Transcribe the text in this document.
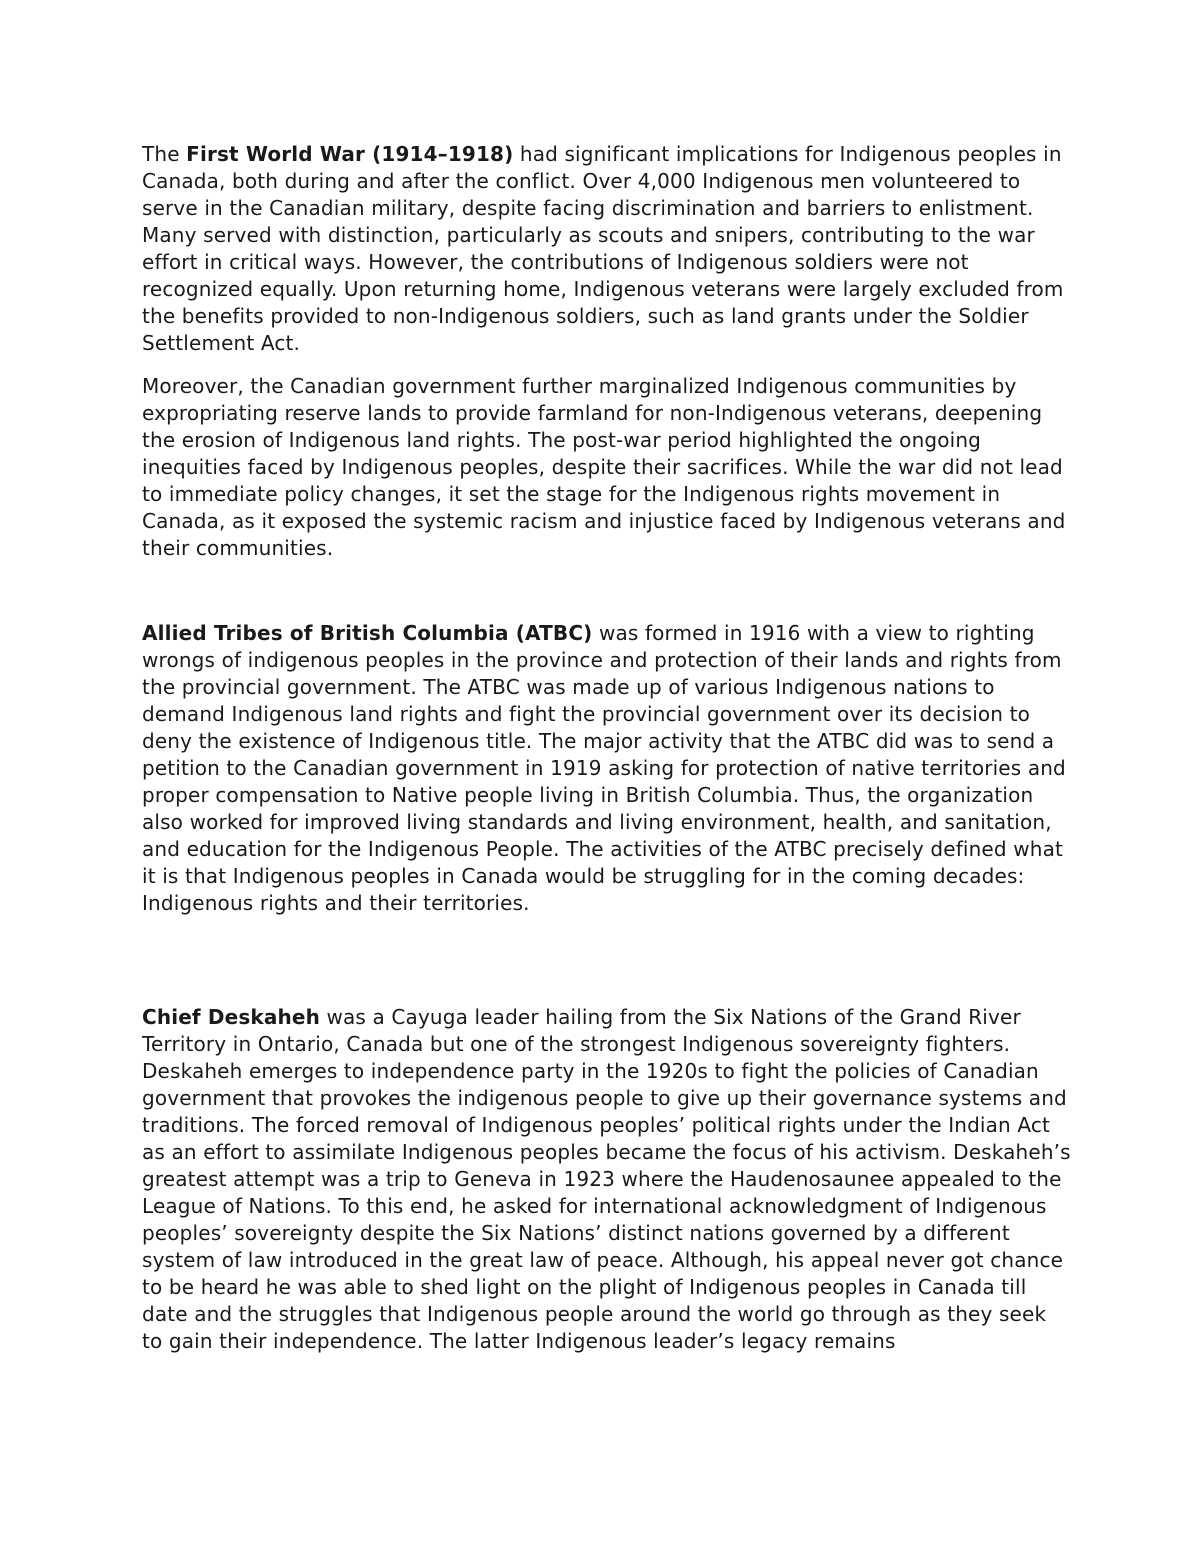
The First World War (1914–1918) had significant implications for Indigenous peoples in Canada, both during and after the conflict. Over 4,000 Indigenous men volunteered to serve in the Canadian military, despite facing discrimination and barriers to enlistment. Many served with distinction, particularly as scouts and snipers, contributing to the war effort in critical ways. However, the contributions of Indigenous soldiers were not recognized equally. Upon returning home, Indigenous veterans were largely excluded from the benefits provided to non-Indigenous soldiers, such as land grants under the Soldier Settlement Act.

Moreover, the Canadian government further marginalized Indigenous communities by expropriating reserve lands to provide farmland for non-Indigenous veterans, deepening the erosion of Indigenous land rights. The post-war period highlighted the ongoing inequities faced by Indigenous peoples, despite their sacrifices. While the war did not lead to immediate policy changes, it set the stage for the Indigenous rights movement in Canada, as it exposed the systemic racism and injustice faced by Indigenous veterans and their communities.

Allied Tribes of British Columbia (ATBC) was formed in 1916 with a view to righting wrongs of indigenous peoples in the province and protection of their lands and rights from the provincial government. The ATBC was made up of various Indigenous nations to demand Indigenous land rights and fight the provincial government over its decision to deny the existence of Indigenous title. The major activity that the ATBC did was to send a petition to the Canadian government in 1919 asking for protection of native territories and proper compensation to Native people living in British Columbia. Thus, the organization also worked for improved living standards and living environment, health, and sanitation, and education for the Indigenous People. The activities of the ATBC precisely defined what it is that Indigenous peoples in Canada would be struggling for in the coming decades: Indigenous rights and their territories.

Chief Deskaheh was a Cayuga leader hailing from the Six Nations of the Grand River Territory in Ontario, Canada but one of the strongest Indigenous sovereignty fighters. Deskaheh emerges to independence party in the 1920s to fight the policies of Canadian government that provokes the indigenous people to give up their governance systems and traditions. The forced removal of Indigenous peoples’ political rights under the Indian Act as an effort to assimilate Indigenous peoples became the focus of his activism. Deskaheh’s greatest attempt was a trip to Geneva in 1923 where the Haudenosaunee appealed to the League of Nations. To this end, he asked for international acknowledgment of Indigenous peoples’ sovereignty despite the Six Nations’ distinct nations governed by a different system of law introduced in the great law of peace. Although, his appeal never got chance to be heard he was able to shed light on the plight of Indigenous peoples in Canada till date and the struggles that Indigenous people around the world go through as they seek to gain their independence. The latter Indigenous leader’s legacy remains
